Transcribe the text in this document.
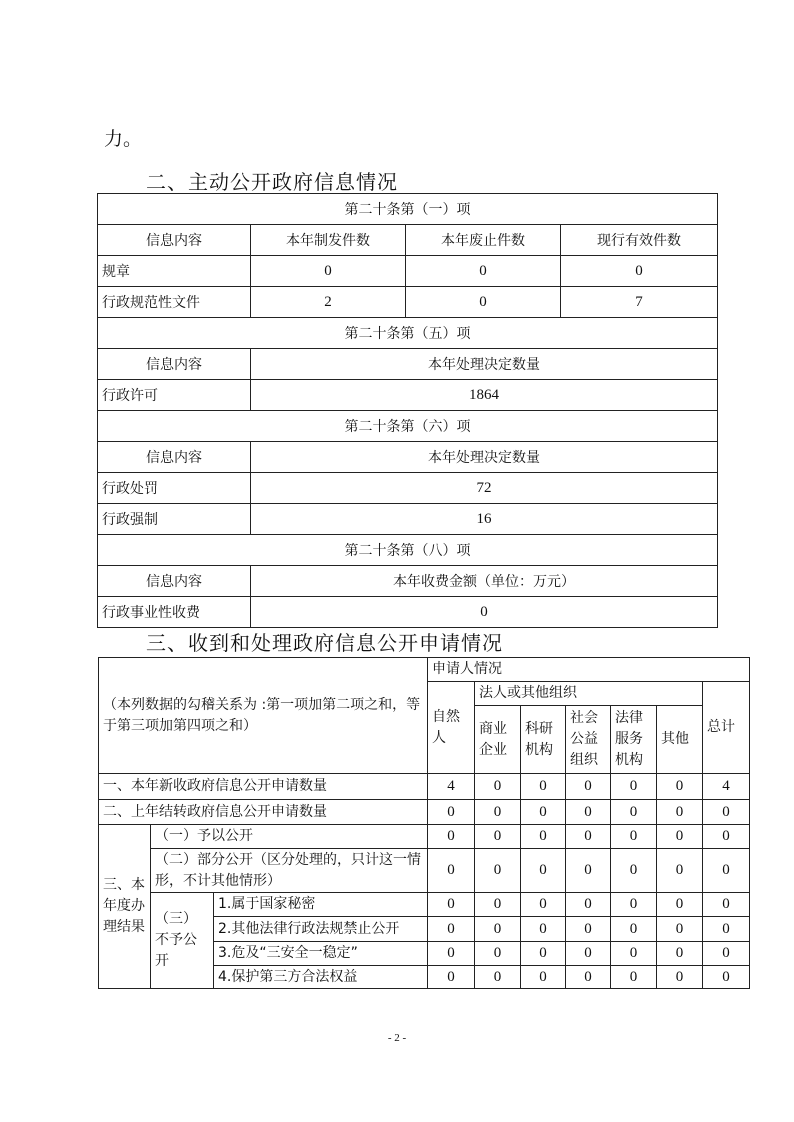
力。
二、主动公开政府信息情况
第二十条第（一）项			
信息内容	本年制发件数	本年废止件数	现行有效件数
规章	0	0	0
行政规范性文件	2	0	7
第二十条第（五）项			
信息内容	本年处理决定数量		
行政许可	1864		
第二十条第（六）项			
信息内容	本年处理决定数量		
行政处罚	72		
行政强制	16		
第二十条第（八）项			
信息内容	本年收费金额（单位：万元）		
行政事业性收费	0		
三、收到和处理政府信息公开申请情况
（本列数据的勾稽关系为 :第一项加第二项之和，等于第三项加第四项之和）			申请人情况						
			自然人	法人或其他组织					总计
				商业企业	科研机构	社会公益组织	法律服务机构	其他	
一、本年新收政府信息公开申请数量			4	0	0	0	0	0	4
二、上年结转政府信息公开申请数量			0	0	0	0	0	0	0
三、本年度办理结果	（一）予以公开		0	0	0	0	0	0	0
	（二）部分公开（区分处理的，只计这一情形，不计其他情形）		0	0	0	0	0	0	0
	（三）不予公开	1.属于国家秘密	0	0	0	0	0	0	0
		2.其他法律行政法规禁止公开	0	0	0	0	0	0	0
		3.危及“三安全一稳定”	0	0	0	0	0	0	0
		4.保护第三方合法权益	0	0	0	0	0	0	0
- 2 -
